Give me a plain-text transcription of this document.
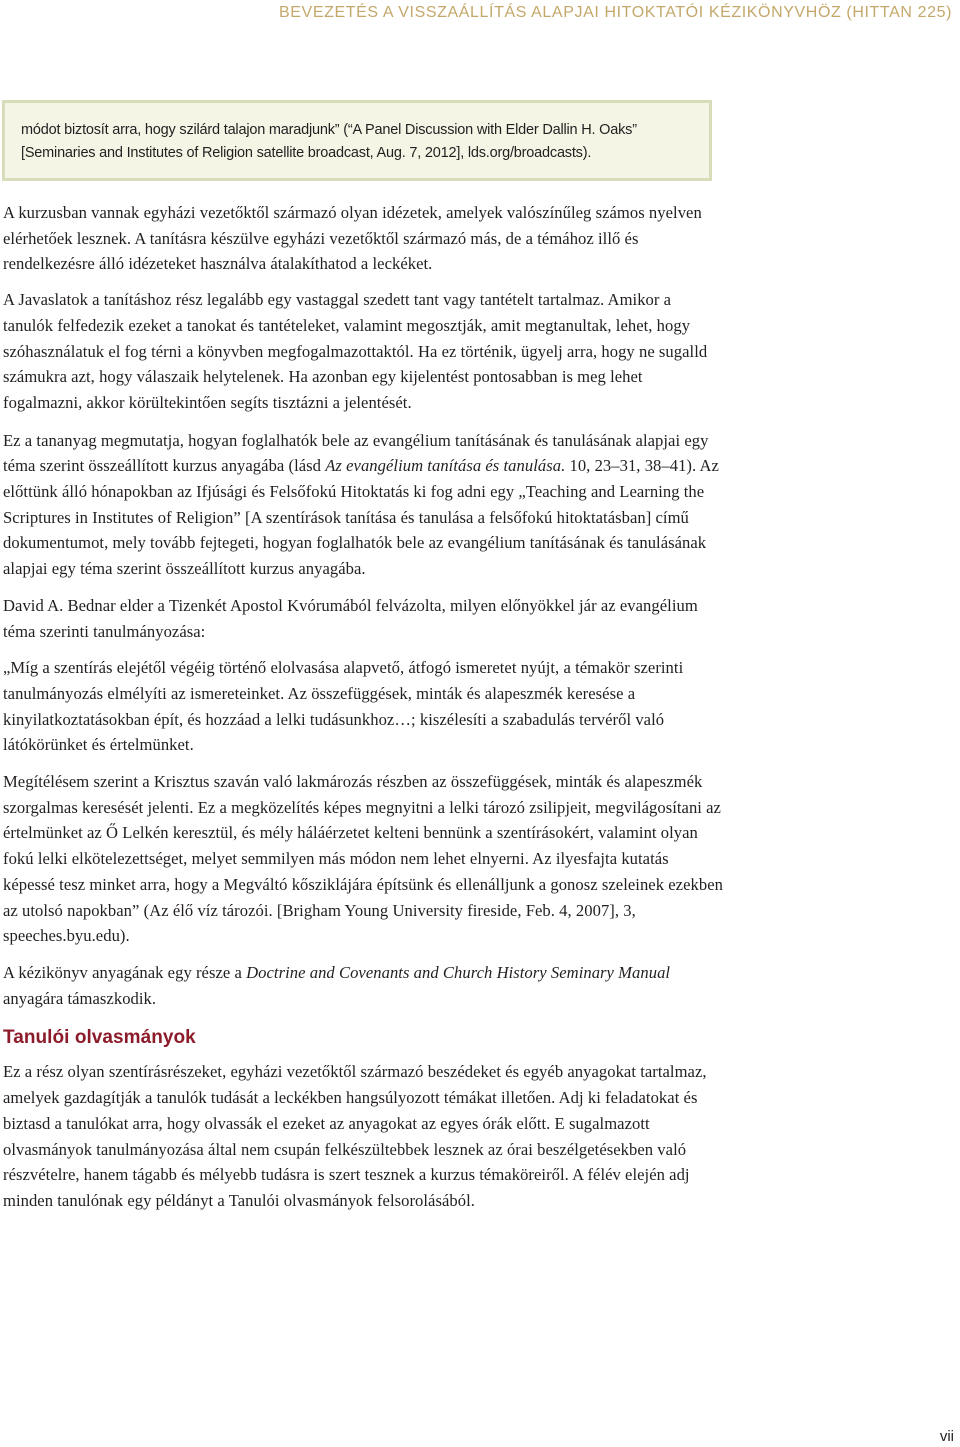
BEVEZETÉS A VISSZAÁLLÍTÁS ALAPJAI HITOKTATÓI KÉZIKÖNYVHÖZ (HITTAN 225)

módot biztosít arra, hogy szilárd talajon maradjunk” (“A Panel Discussion with Elder Dallin H. Oaks” [Seminaries and Institutes of Religion satellite broadcast, Aug. 7, 2012], lds.org/broadcasts).

A kurzusban vannak egyházi vezetőktől származó olyan idézetek, amelyek valószínűleg számos nyelven elérhetőek lesznek. A tanításra készülve egyházi vezetőktől származó más, de a témához illő és rendelkezésre álló idézeteket használva átalakíthatod a leckéket.

A Javaslatok a tanításhoz rész legalább egy vastaggal szedett tant vagy tantételt tartalmaz. Amikor a tanulók felfedezik ezeket a tanokat és tantételeket, valamint megosztják, amit megtanultak, lehet, hogy szóhasználatuk el fog térni a könyvben megfogalmazottaktól. Ha ez történik, ügyelj arra, hogy ne sugalld számukra azt, hogy válaszaik helytelenek. Ha azonban egy kijelentést pontosabban is meg lehet fogalmazni, akkor körültekintően segíts tisztázni a jelentését.

Ez a tananyag megmutatja, hogyan foglalhatók bele az evangélium tanításának és tanulásának alapjai egy téma szerint összeállított kurzus anyagába (lásd Az evangélium tanítása és tanulása. 10, 23–31, 38–41). Az előttünk álló hónapokban az Ifjúsági és Felsőfokú Hitoktatás ki fog adni egy „Teaching and Learning the Scriptures in Institutes of Religion” [A szentírások tanítása és tanulása a felsőfokú hitoktatásban] című dokumentumot, mely tovább fejtegeti, hogyan foglalhatók bele az evangélium tanításának és tanulásának alapjai egy téma szerint összeállított kurzus anyagába.

David A. Bednar elder a Tizenkét Apostol Kvórumából felvázolta, milyen előnyökkel jár az evangélium téma szerinti tanulmányozása:

„Míg a szentírás elejétől végéig történő elolvasása alapvető, átfogó ismeretet nyújt, a témakör szerinti tanulmányozás elmélyíti az ismereteinket. Az összefüggések, minták és alapeszmék keresése a kinyilatkoztatásokban épít, és hozzáad a lelki tudásunkhoz…; kiszélesíti a szabadulás tervéről való látókörünket és értelmünket.

Megítélésem szerint a Krisztus szaván való lakmározás részben az összefüggések, minták és alapeszmék szorgalmas keresését jelenti. Ez a megközelítés képes megnyitni a lelki tározó zsilipjeit, megvilágosítani az értelmünket az Ő Lelkén keresztül, és mély háláérzetet kelteni bennünk a szentírásokért, valamint olyan fokú lelki elkötelezettséget, melyet semmilyen más módon nem lehet elnyerni. Az ilyesfajta kutatás képessé tesz minket arra, hogy a Megváltó kősziklájára építsünk és ellenálljunk a gonosz szeleinek ezekben az utolsó napokban” (Az élő víz tározói. [Brigham Young University fireside, Feb. 4, 2007], 3, speeches.byu.edu).

A kézikönyv anyagának egy része a Doctrine and Covenants and Church History Seminary Manual anyagára támaszkodik.

Tanulói olvasmányok

Ez a rész olyan szentírásrészeket, egyházi vezetőktől származó beszédeket és egyéb anyagokat tartalmaz, amelyek gazdagítják a tanulók tudását a leckékben hangsúlyozott témákat illetően. Adj ki feladatokat és biztasd a tanulókat arra, hogy olvassák el ezeket az anyagokat az egyes órák előtt. E sugalmazott olvasmányok tanulmányozása által nem csupán felkészültebbek lesznek az órai beszélgetésekben való részvételre, hanem tágabb és mélyebb tudásra is szert tesznek a kurzus témaköreiről. A félév elején adj minden tanulónak egy példányt a Tanulói olvasmányok felsorolásából.

vii
